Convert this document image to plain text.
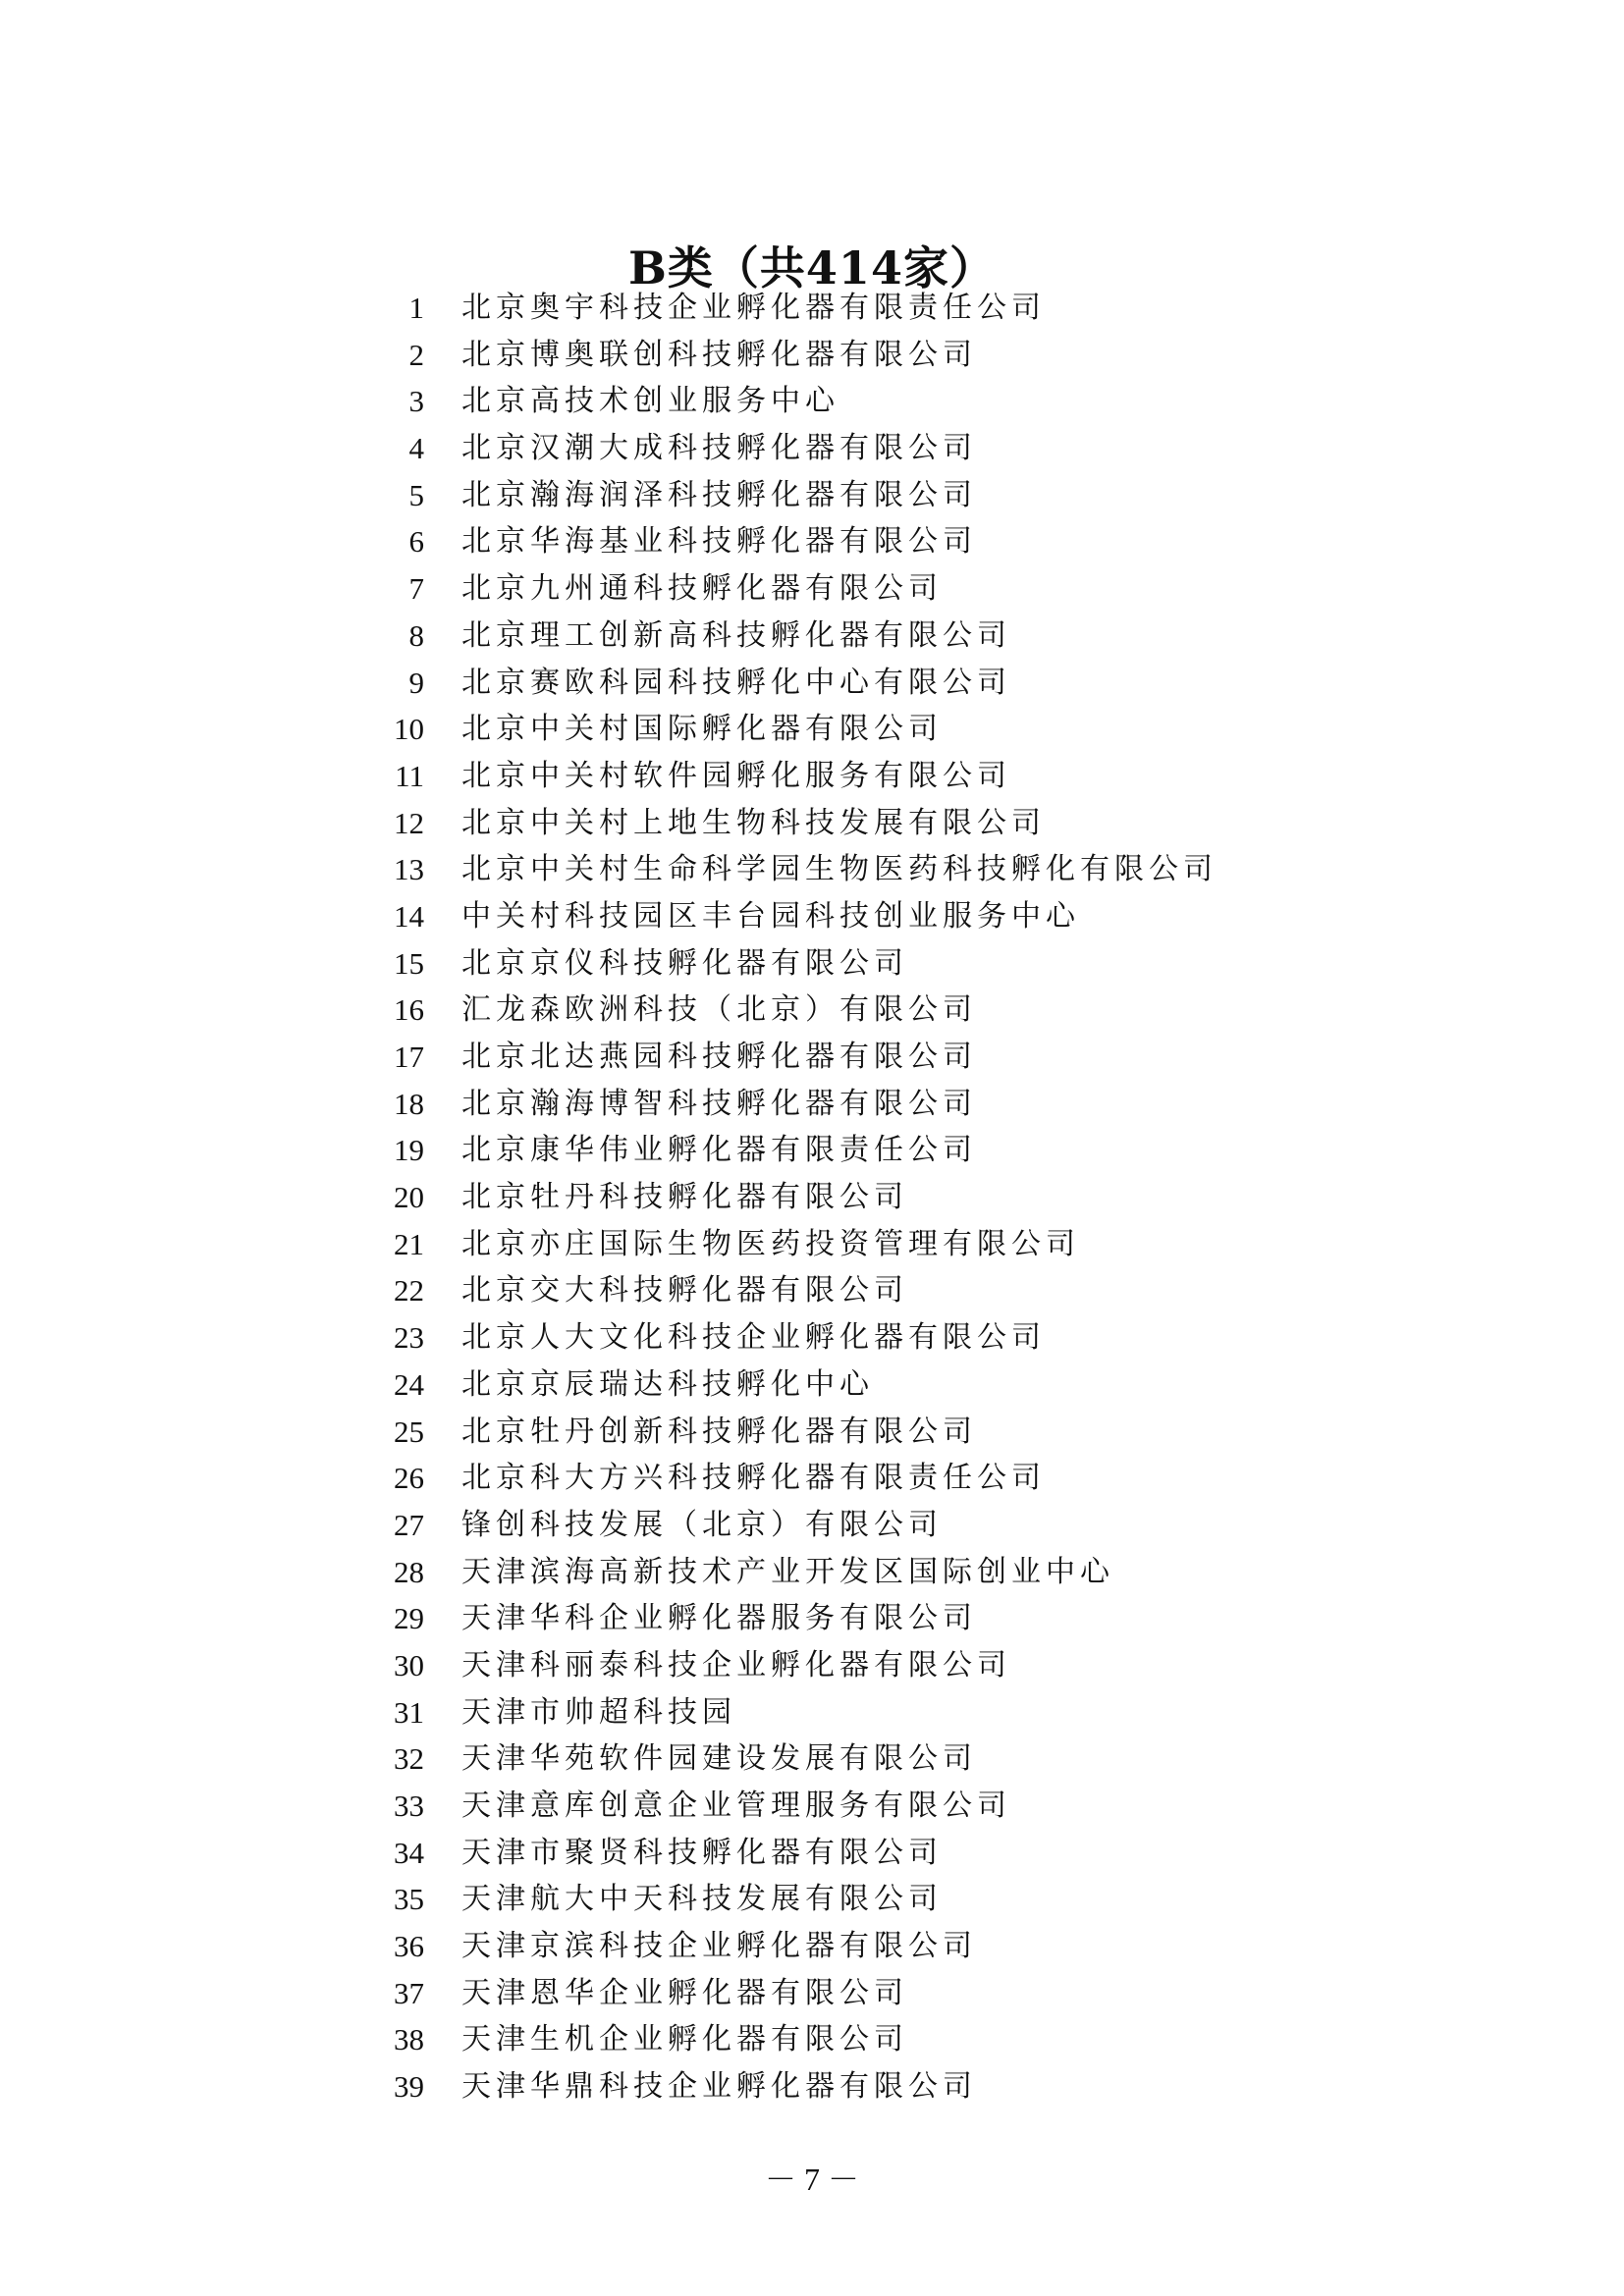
B类（共414家）
1 北京奥宇科技企业孵化器有限责任公司
2 北京博奥联创科技孵化器有限公司
3 北京高技术创业服务中心
4 北京汉潮大成科技孵化器有限公司
5 北京瀚海润泽科技孵化器有限公司
6 北京华海基业科技孵化器有限公司
7 北京九州通科技孵化器有限公司
8 北京理工创新高科技孵化器有限公司
9 北京赛欧科园科技孵化中心有限公司
10 北京中关村国际孵化器有限公司
11 北京中关村软件园孵化服务有限公司
12 北京中关村上地生物科技发展有限公司
13 北京中关村生命科学园生物医药科技孵化有限公司
14 中关村科技园区丰台园科技创业服务中心
15 北京京仪科技孵化器有限公司
16 汇龙森欧洲科技（北京）有限公司
17 北京北达燕园科技孵化器有限公司
18 北京瀚海博智科技孵化器有限公司
19 北京康华伟业孵化器有限责任公司
20 北京牡丹科技孵化器有限公司
21 北京亦庄国际生物医药投资管理有限公司
22 北京交大科技孵化器有限公司
23 北京人大文化科技企业孵化器有限公司
24 北京京辰瑞达科技孵化中心
25 北京牡丹创新科技孵化器有限公司
26 北京科大方兴科技孵化器有限责任公司
27 锋创科技发展（北京）有限公司
28 天津滨海高新技术产业开发区国际创业中心
29 天津华科企业孵化器服务有限公司
30 天津科丽泰科技企业孵化器有限公司
31 天津市帅超科技园
32 天津华苑软件园建设发展有限公司
33 天津意库创意企业管理服务有限公司
34 天津市聚贤科技孵化器有限公司
35 天津航大中天科技发展有限公司
36 天津京滨科技企业孵化器有限公司
37 天津恩华企业孵化器有限公司
38 天津生机企业孵化器有限公司
39 天津华鼎科技企业孵化器有限公司
－ 7 －
